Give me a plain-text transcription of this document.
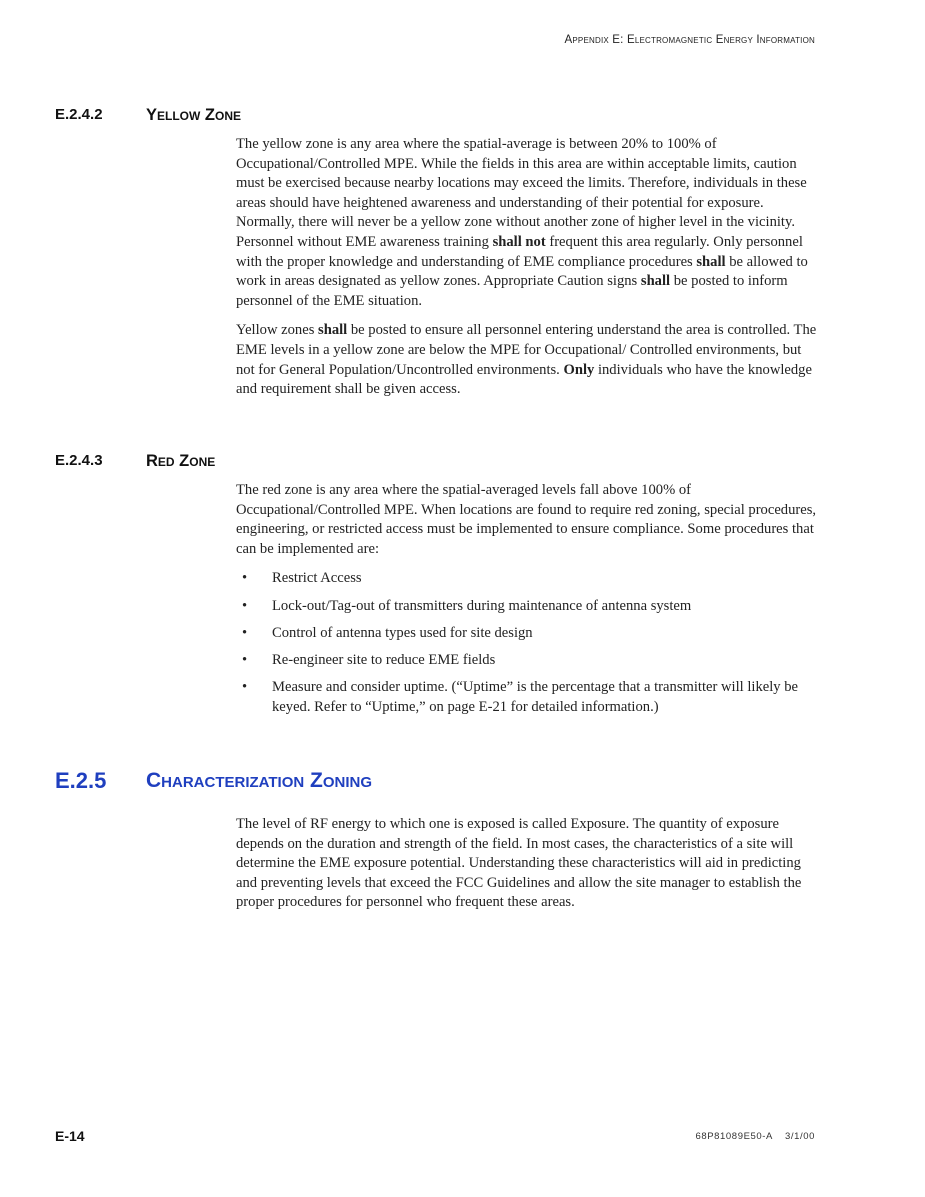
Appendix E: Electromagnetic Energy Information
E.2.4.2	Yellow Zone

The yellow zone is any area where the spatial-average is between 20% to 100% of Occupational/Controlled MPE. While the fields in this area are within acceptable limits, caution must be exercised because nearby locations may exceed the limits. Therefore, individuals in these areas should have heightened awareness and understanding of their potential for exposure. Normally, there will never be a yellow zone without another zone of higher level in the vicinity. Personnel without EME awareness training shall not frequent this area regularly. Only personnel with the proper knowledge and understanding of EME compliance procedures shall be allowed to work in areas designated as yellow zones. Appropriate Caution signs shall be posted to inform personnel of the EME situation.

Yellow zones shall be posted to ensure all personnel entering understand the area is controlled. The EME levels in a yellow zone are below the MPE for Occupational/ Controlled environments, but not for General Population/Uncontrolled environments. Only individuals who have the knowledge and requirement shall be given access.

E.2.4.3	Red Zone

The red zone is any area where the spatial-averaged levels fall above 100% of Occupational/Controlled MPE. When locations are found to require red zoning, special procedures, engineering, or restricted access must be implemented to ensure compliance. Some procedures that can be implemented are:

• Restrict Access
• Lock-out/Tag-out of transmitters during maintenance of antenna system
• Control of antenna types used for site design
• Re-engineer site to reduce EME fields
• Measure and consider uptime. (“Uptime” is the percentage that a transmitter will likely be keyed. Refer to “Uptime,” on page E-21 for detailed information.)
E.2.5 Characterization Zoning

The level of RF energy to which one is exposed is called Exposure. The quantity of exposure depends on the duration and strength of the field. In most cases, the characteristics of a site will determine the EME exposure potential. Understanding these characteristics will aid in predicting and preventing levels that exceed the FCC Guidelines and allow the site manager to establish the proper procedures for personnel who frequent these areas.

E-14	68P81089E50-A 3/1/00
